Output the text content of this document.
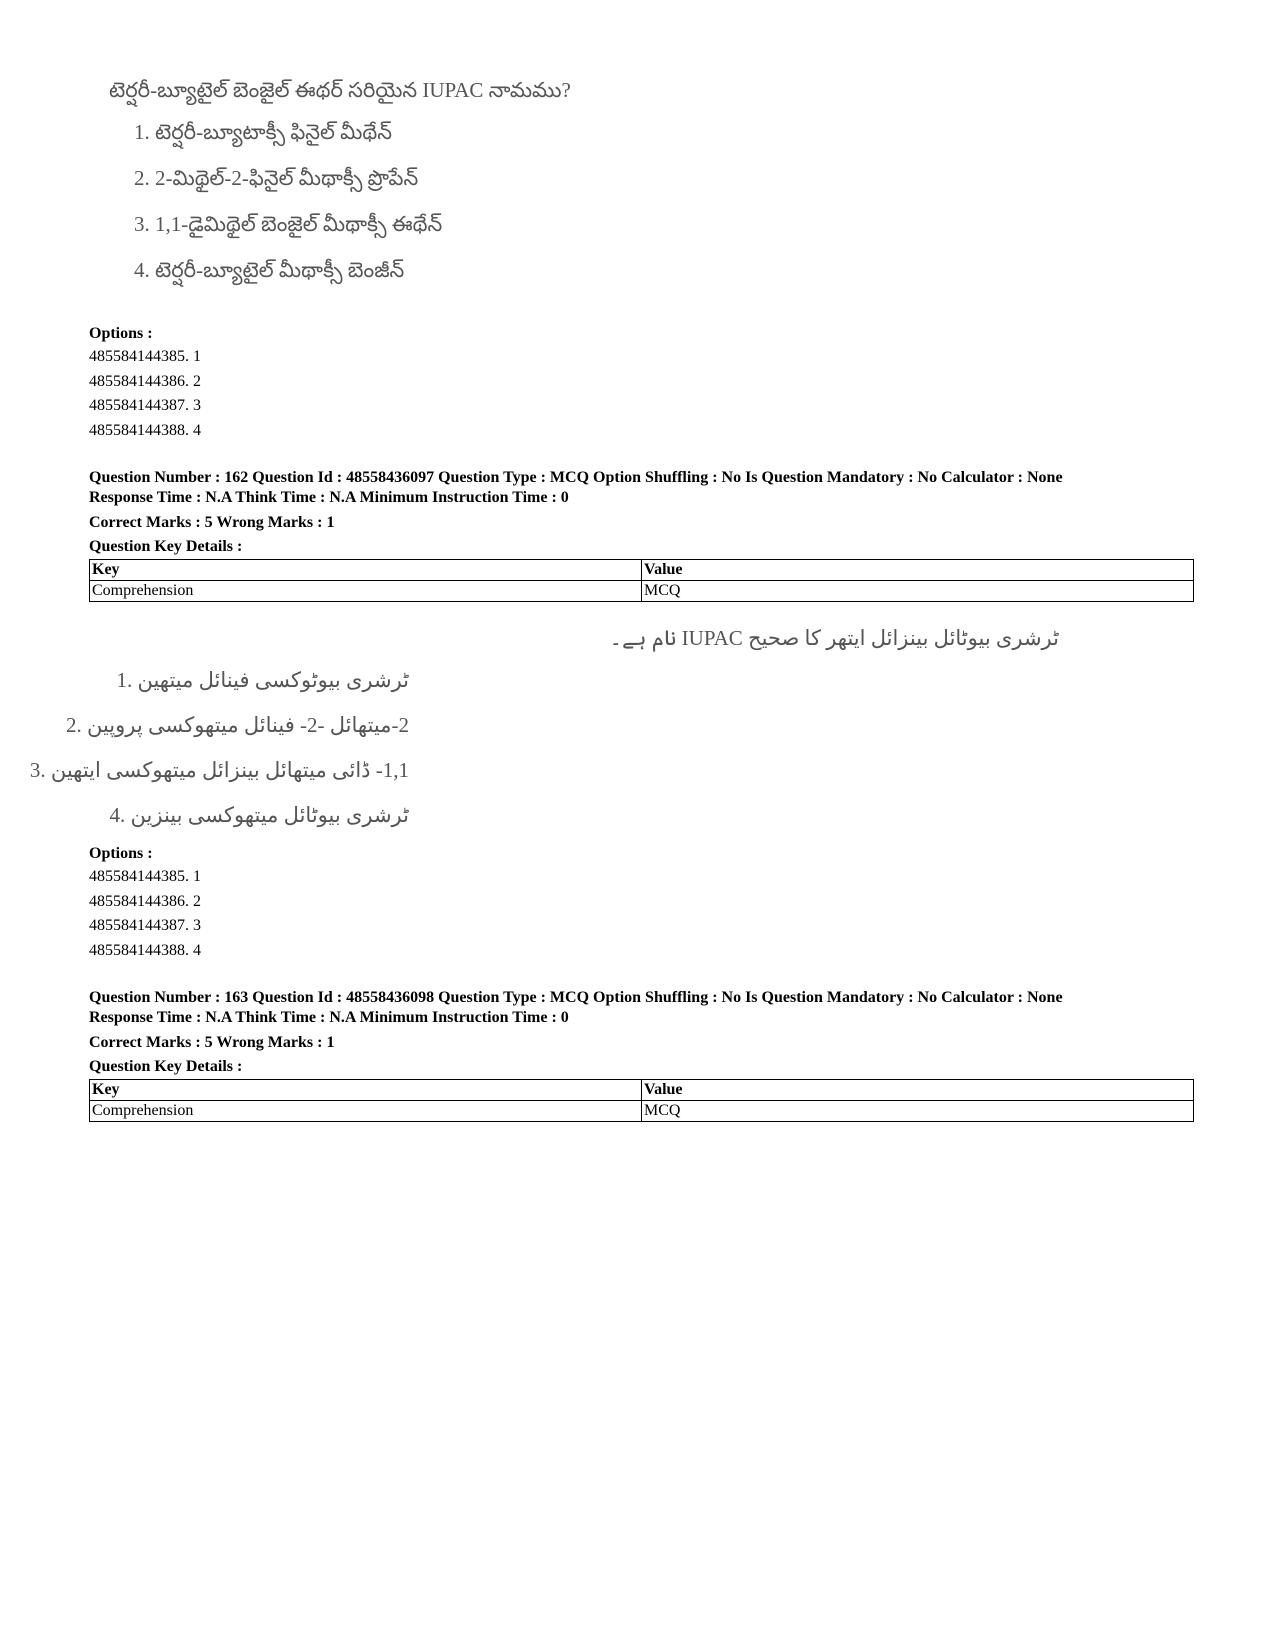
టెర్షరీ-బ్యూటైల్ బెంజైల్ ఈథర్ సరియైన IUPAC నామము?
1. టెర్షరీ-బ్యూటాక్సీ ఫినైల్ మీథేన్
2. 2-మిథైల్-2-ఫినైల్ మీథాక్సీ ప్రొపేన్
3. 1,1-డైమిథైల్ బెంజైల్ మీథాక్సీ ఈథేన్
4. టెర్షరీ-బ్యూటైల్ మీథాక్సీ బెంజీన్
Options :
485584144385. 1
485584144386. 2
485584144387. 3
485584144388. 4
Question Number : 162 Question Id : 48558436097 Question Type : MCQ Option Shuffling : No Is Question Mandatory : No Calculator : None
Response Time : N.A Think Time : N.A Minimum Instruction Time : 0
Correct Marks : 5 Wrong Marks : 1
Question Key Details :
Key	Value
Comprehension	MCQ
ٹرشری بیوٹائل بینزائل ایتھر کا صحیح IUPAC نام ہے۔
ٹرشری بیوٹوکسی فینائل میتھین .1
2-میتھائل -2- فینائل میتھوکسی پروپین .2
1,1- ڈائی میتھائل بینزائل میتھوکسی ایتھین .3
ٹرشری بیوٹائل میتھوکسی بینزین .4
Options :
485584144385. 1
485584144386. 2
485584144387. 3
485584144388. 4
Question Number : 163 Question Id : 48558436098 Question Type : MCQ Option Shuffling : No Is Question Mandatory : No Calculator : None
Response Time : N.A Think Time : N.A Minimum Instruction Time : 0
Correct Marks : 5 Wrong Marks : 1
Question Key Details :
Key	Value
Comprehension	MCQ
